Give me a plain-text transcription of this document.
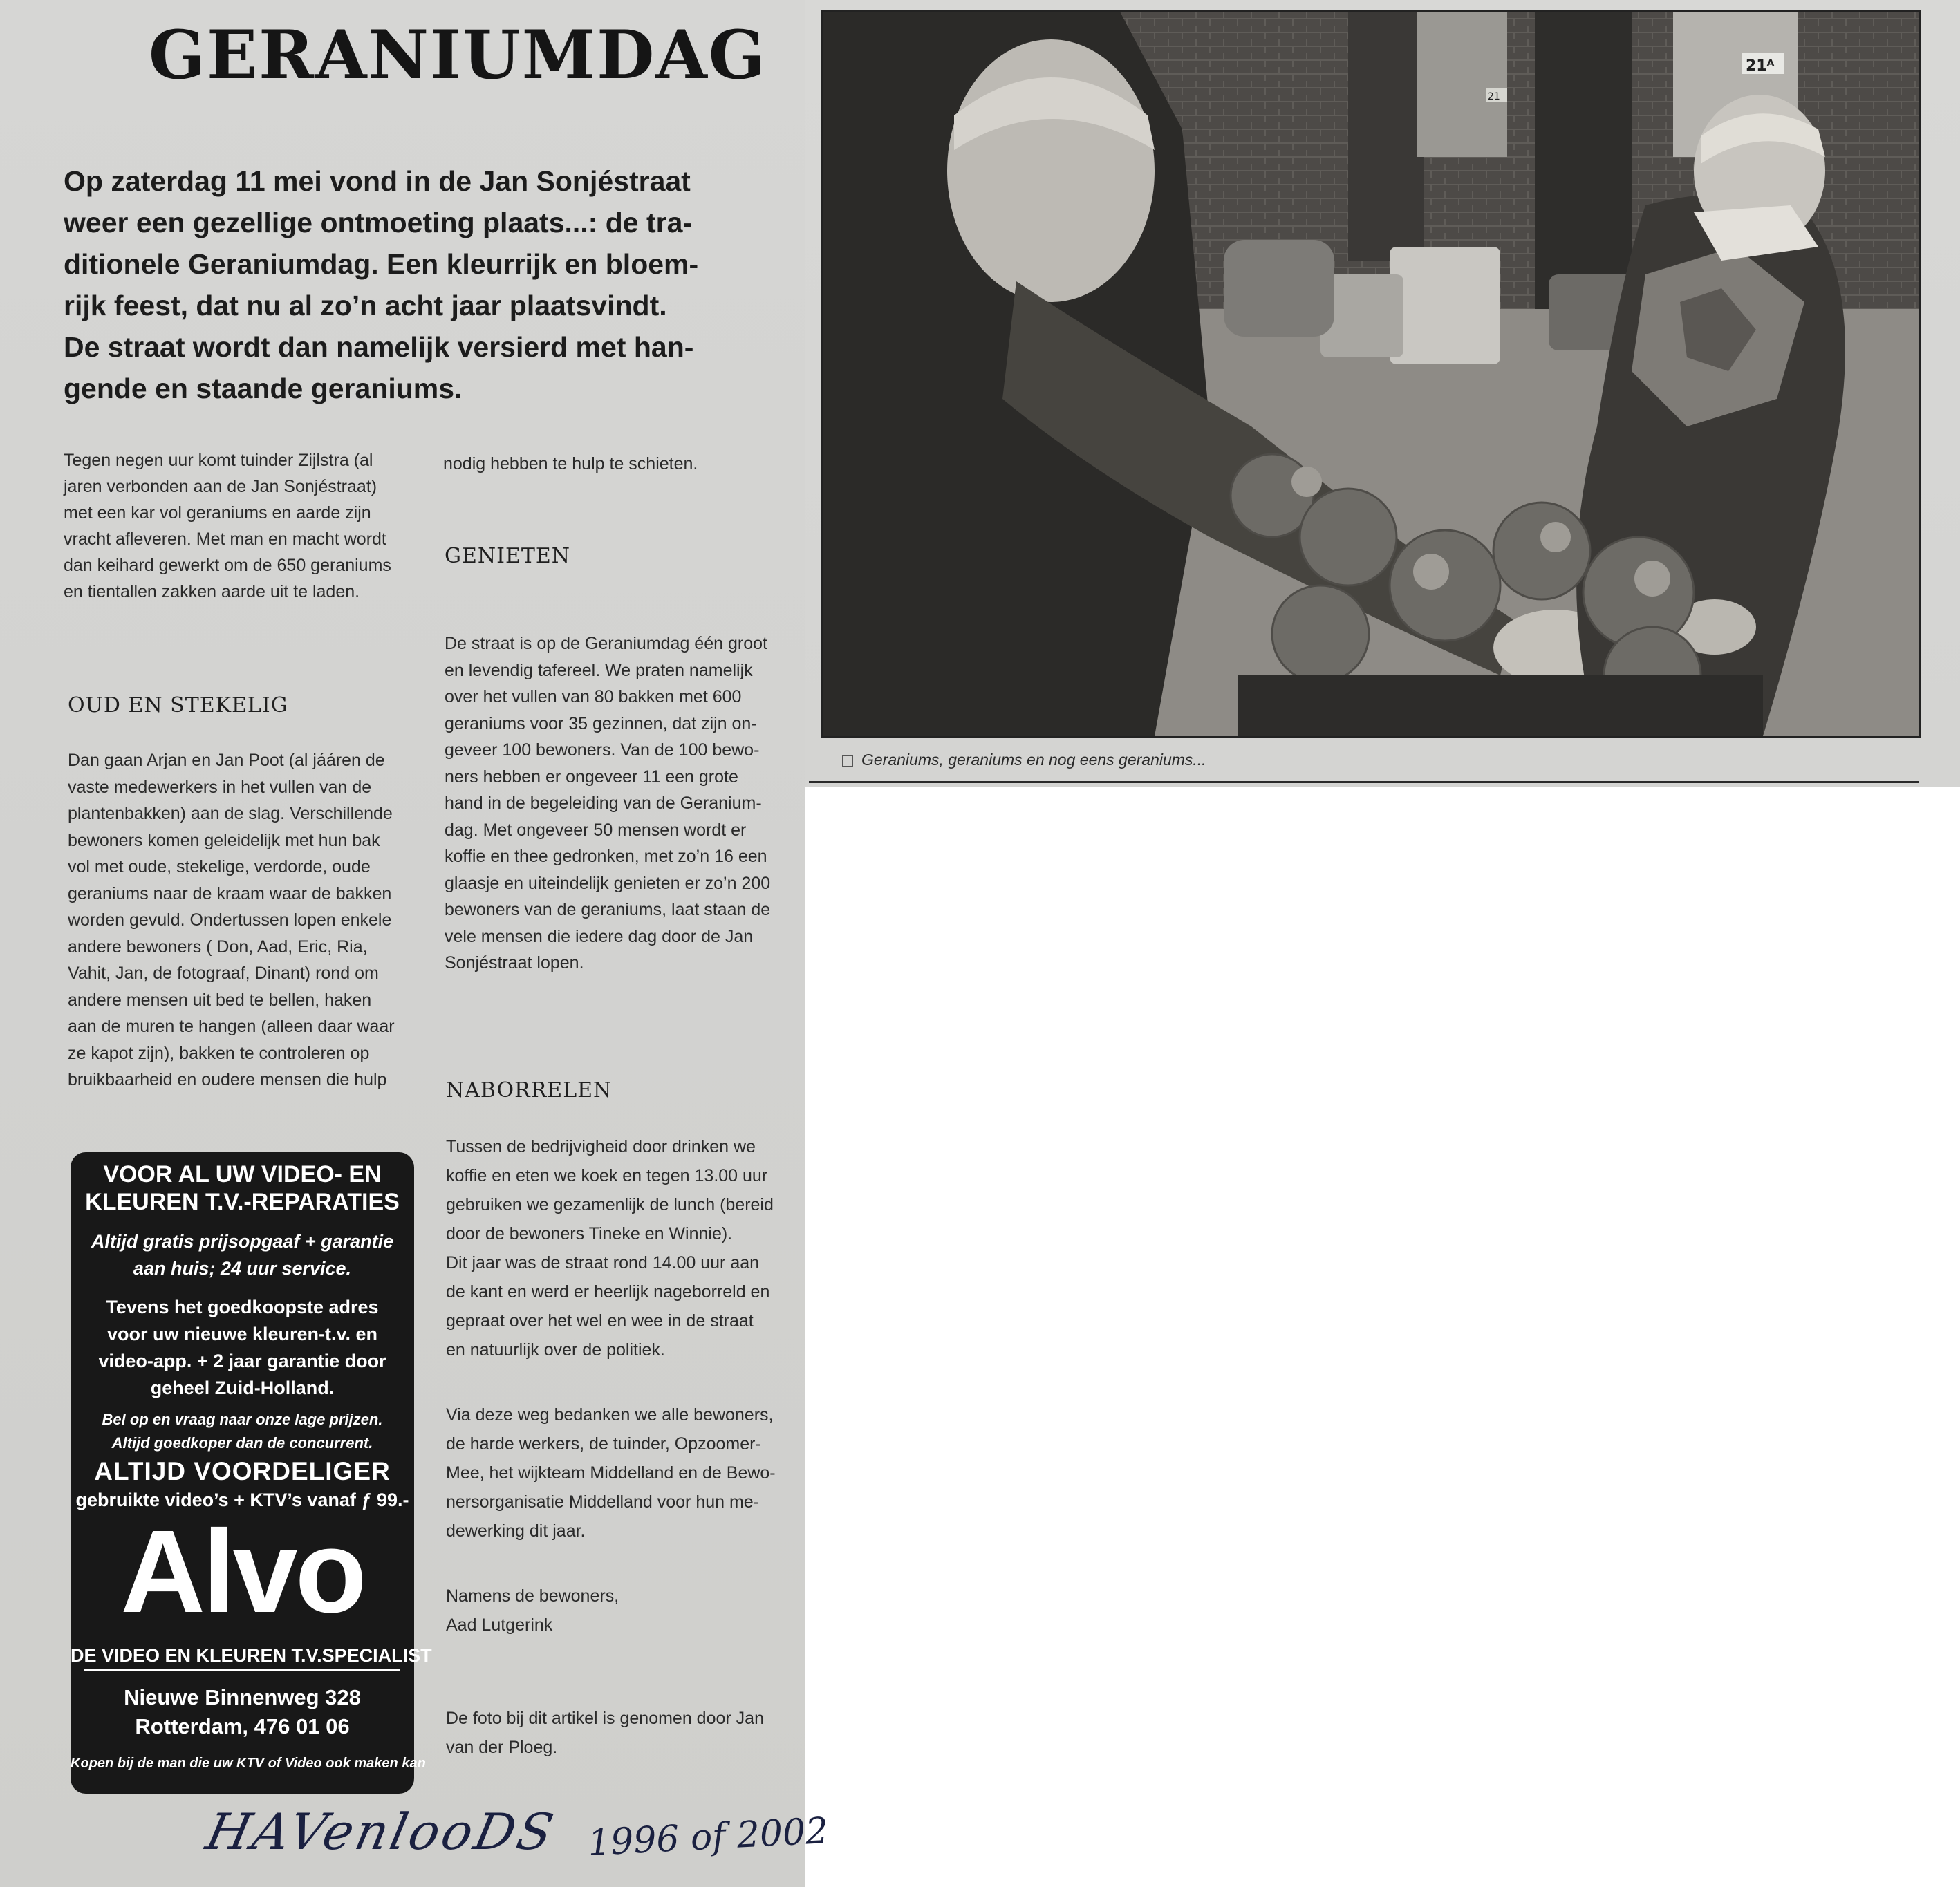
GERANIUMDAG
Op zaterdag 11 mei vond in de Jan Sonjéstraat
weer een gezellige ontmoeting plaats...: de tra-
ditionele Geraniumdag. Een kleurrijk en bloem-
rijk feest, dat nu al zo’n acht jaar plaatsvindt.
De straat wordt dan namelijk versierd met han-
gende en staande geraniums.
Tegen negen uur komt tuinder Zijlstra (al
jaren verbonden aan de Jan Sonjéstraat)
met een kar vol geraniums en aarde zijn
vracht afleveren. Met man en macht wordt
dan keihard gewerkt om de 650 geraniums
en tientallen zakken aarde uit te laden.
OUD EN STEKELIG
Dan gaan Arjan en Jan Poot (al jááren de
vaste medewerkers in het vullen van de
plantenbakken) aan de slag. Verschillende
bewoners komen geleidelijk met hun bak
vol met oude, stekelige, verdorde, oude
geraniums naar de kraam waar de bakken
worden gevuld. Ondertussen lopen enkele
andere bewoners ( Don, Aad, Eric, Ria,
Vahit, Jan, de fotograaf, Dinant) rond om
andere mensen uit bed te bellen, haken
aan de muren te hangen (alleen daar waar
ze kapot zijn), bakken te controleren op
bruikbaarheid en oudere mensen die hulp
nodig hebben te hulp te schieten.
GENIETEN
De straat is op de Geraniumdag één groot
en levendig tafereel. We praten namelijk
over het vullen van 80 bakken met 600
geraniums voor 35 gezinnen, dat zijn on-
geveer 100 bewoners. Van de 100 bewo-
ners hebben er ongeveer 11 een grote
hand in de begeleiding van de Geranium-
dag. Met ongeveer 50 mensen wordt er
koffie en thee gedronken, met zo’n 16 een
glaasje en uiteindelijk genieten er zo’n 200
bewoners van de geraniums, laat staan de
vele mensen die iedere dag door de Jan
Sonjéstraat lopen.
NABORRELEN
Tussen de bedrijvigheid door drinken we
koffie en eten we koek en tegen 13.00 uur
gebruiken we gezamenlijk de lunch (bereid
door de bewoners Tineke en Winnie).
Dit jaar was de straat rond 14.00 uur aan
de kant en werd er heerlijk nageborreld en
gepraat over het wel en wee in de straat
en natuurlijk over de politiek.
Via deze weg bedanken we alle bewoners,
de harde werkers, de tuinder, Opzoomer-
Mee, het wijkteam Middelland en de Bewo-
nersorganisatie Middelland voor hun me-
dewerking dit jaar.
Namens de bewoners,
Aad Lutgerink
De foto bij dit artikel is genomen door Jan
van der Ploeg.
21ᴬ
21
Geraniums, geraniums en nog eens geraniums...
VOOR AL UW VIDEO- EN
KLEUREN T.V.-REPARATIES
Altijd gratis prijsopgaaf + garantie
aan huis; 24 uur service.
Tevens het goedkoopste adres
voor uw nieuwe kleuren-t.v. en
video-app. + 2 jaar garantie door
geheel Zuid-Holland.
Bel op en vraag naar onze lage prijzen.
Altijd goedkoper dan de concurrent.
ALTIJD VOORDELIGER
gebruikte video’s + KTV’s vanaf ƒ 99.-
Alvo
DE VIDEO EN KLEUREN T.V.SPECIALIST
Nieuwe Binnenweg 328
Rotterdam, 476 01 06
Kopen bij de man die uw KTV of Video ook maken kan
HAVenlooDS 1996 of 2002
